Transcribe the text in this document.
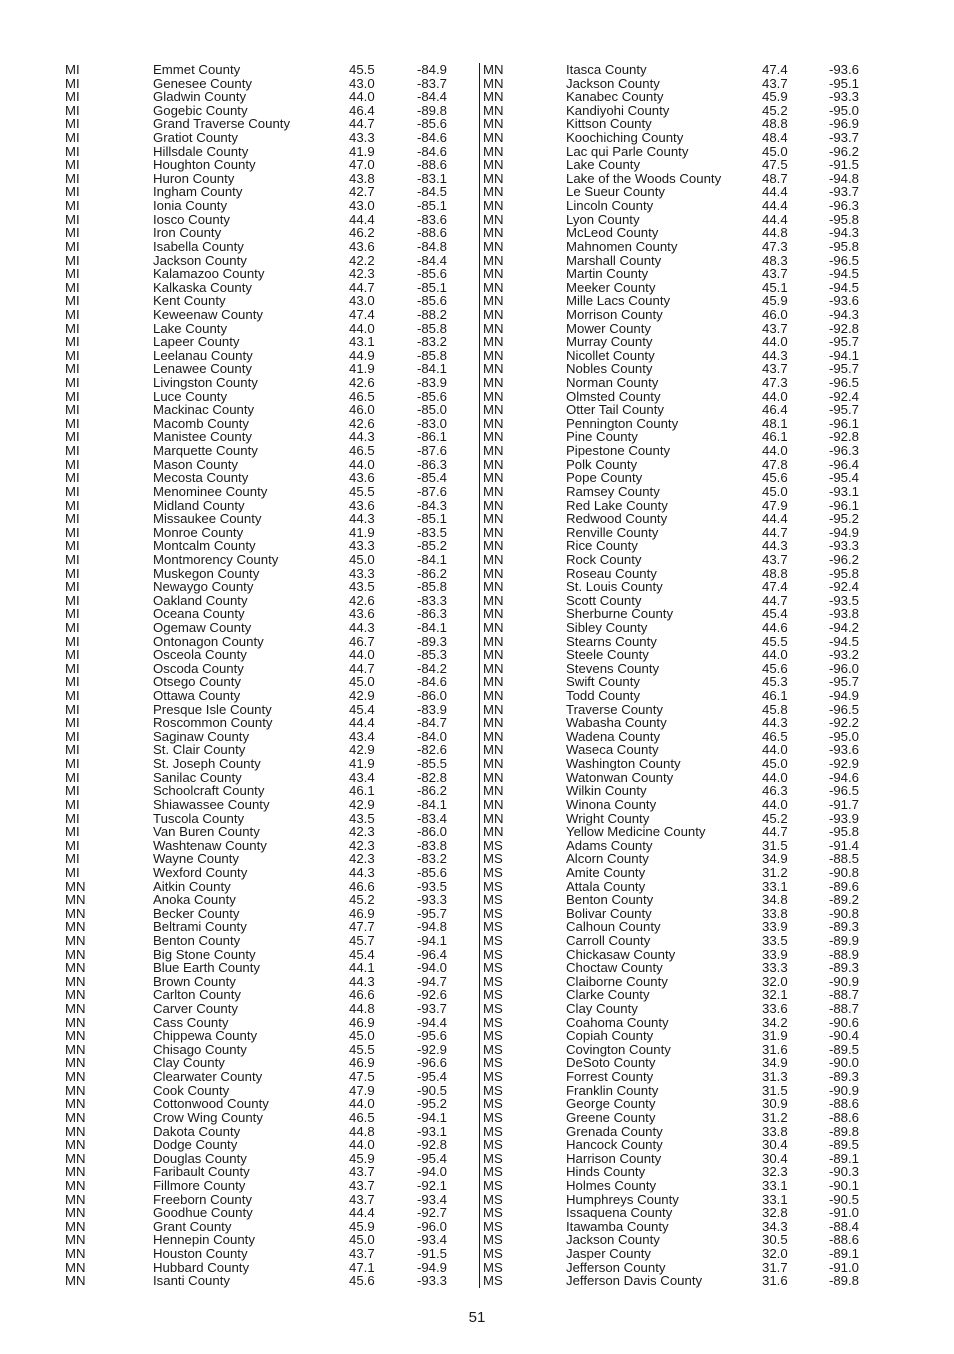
MI	Emmet County	45.5	-84.9
MI	Genesee County	43.0	-83.7
MI	Gladwin County	44.0	-84.4
MI	Gogebic County	46.4	-89.8
MI	Grand Traverse County	44.7	-85.6
MI	Gratiot County	43.3	-84.6
MI	Hillsdale County	41.9	-84.6
MI	Houghton County	47.0	-88.6
MI	Huron County	43.8	-83.1
MI	Ingham County	42.7	-84.5
MI	Ionia County	43.0	-85.1
MI	Iosco County	44.4	-83.6
MI	Iron County	46.2	-88.6
MI	Isabella County	43.6	-84.8
MI	Jackson County	42.2	-84.4
MI	Kalamazoo County	42.3	-85.6
MI	Kalkaska County	44.7	-85.1
MI	Kent County	43.0	-85.6
MI	Keweenaw County	47.4	-88.2
MI	Lake County	44.0	-85.8
MI	Lapeer County	43.1	-83.2
MI	Leelanau County	44.9	-85.8
MI	Lenawee County	41.9	-84.1
MI	Livingston County	42.6	-83.9
MI	Luce County	46.5	-85.6
MI	Mackinac County	46.0	-85.0
MI	Macomb County	42.6	-83.0
MI	Manistee County	44.3	-86.1
MI	Marquette County	46.5	-87.6
MI	Mason County	44.0	-86.3
MI	Mecosta County	43.6	-85.4
MI	Menominee County	45.5	-87.6
MI	Midland County	43.6	-84.3
MI	Missaukee County	44.3	-85.1
MI	Monroe County	41.9	-83.5
MI	Montcalm County	43.3	-85.2
MI	Montmorency County	45.0	-84.1
MI	Muskegon County	43.3	-86.2
MI	Newaygo County	43.5	-85.8
MI	Oakland County	42.6	-83.3
MI	Oceana County	43.6	-86.3
MI	Ogemaw County	44.3	-84.1
MI	Ontonagon County	46.7	-89.3
MI	Osceola County	44.0	-85.3
MI	Oscoda County	44.7	-84.2
MI	Otsego County	45.0	-84.6
MI	Ottawa County	42.9	-86.0
MI	Presque Isle County	45.4	-83.9
MI	Roscommon County	44.4	-84.7
MI	Saginaw County	43.4	-84.0
MI	St. Clair County	42.9	-82.6
MI	St. Joseph County	41.9	-85.5
MI	Sanilac County	43.4	-82.8
MI	Schoolcraft County	46.1	-86.2
MI	Shiawassee County	42.9	-84.1
MI	Tuscola County	43.5	-83.4
MI	Van Buren County	42.3	-86.0
MI	Washtenaw County	42.3	-83.8
MI	Wayne County	42.3	-83.2
MI	Wexford County	44.3	-85.6
MN	Aitkin County	46.6	-93.5
MN	Anoka County	45.2	-93.3
MN	Becker County	46.9	-95.7
MN	Beltrami County	47.7	-94.8
MN	Benton County	45.7	-94.1
MN	Big Stone County	45.4	-96.4
MN	Blue Earth County	44.1	-94.0
MN	Brown County	44.3	-94.7
MN	Carlton County	46.6	-92.6
MN	Carver County	44.8	-93.7
MN	Cass County	46.9	-94.4
MN	Chippewa County	45.0	-95.6
MN	Chisago County	45.5	-92.9
MN	Clay County	46.9	-96.6
MN	Clearwater County	47.5	-95.4
MN	Cook County	47.9	-90.5
MN	Cottonwood County	44.0	-95.2
MN	Crow Wing County	46.5	-94.1
MN	Dakota County	44.8	-93.1
MN	Dodge County	44.0	-92.8
MN	Douglas County	45.9	-95.4
MN	Faribault County	43.7	-94.0
MN	Fillmore County	43.7	-92.1
MN	Freeborn County	43.7	-93.4
MN	Goodhue County	44.4	-92.7
MN	Grant County	45.9	-96.0
MN	Hennepin County	45.0	-93.4
MN	Houston County	43.7	-91.5
MN	Hubbard County	47.1	-94.9
MN	Isanti County	45.6	-93.3
MN	Itasca County	47.4	-93.6
MN	Jackson County	43.7	-95.1
MN	Kanabec County	45.9	-93.3
MN	Kandiyohi County	45.2	-95.0
MN	Kittson County	48.8	-96.9
MN	Koochiching County	48.4	-93.7
MN	Lac qui Parle County	45.0	-96.2
MN	Lake County	47.5	-91.5
MN	Lake of the Woods County	48.7	-94.8
MN	Le Sueur County	44.4	-93.7
MN	Lincoln County	44.4	-96.3
MN	Lyon County	44.4	-95.8
MN	McLeod County	44.8	-94.3
MN	Mahnomen County	47.3	-95.8
MN	Marshall County	48.3	-96.5
MN	Martin County	43.7	-94.5
MN	Meeker County	45.1	-94.5
MN	Mille Lacs County	45.9	-93.6
MN	Morrison County	46.0	-94.3
MN	Mower County	43.7	-92.8
MN	Murray County	44.0	-95.7
MN	Nicollet County	44.3	-94.1
MN	Nobles County	43.7	-95.7
MN	Norman County	47.3	-96.5
MN	Olmsted County	44.0	-92.4
MN	Otter Tail County	46.4	-95.7
MN	Pennington County	48.1	-96.1
MN	Pine County	46.1	-92.8
MN	Pipestone County	44.0	-96.3
MN	Polk County	47.8	-96.4
MN	Pope County	45.6	-95.4
MN	Ramsey County	45.0	-93.1
MN	Red Lake County	47.9	-96.1
MN	Redwood County	44.4	-95.2
MN	Renville County	44.7	-94.9
MN	Rice County	44.3	-93.3
MN	Rock County	43.7	-96.2
MN	Roseau County	48.8	-95.8
MN	St. Louis County	47.4	-92.4
MN	Scott County	44.7	-93.5
MN	Sherburne County	45.4	-93.8
MN	Sibley County	44.6	-94.2
MN	Stearns County	45.5	-94.5
MN	Steele County	44.0	-93.2
MN	Stevens County	45.6	-96.0
MN	Swift County	45.3	-95.7
MN	Todd County	46.1	-94.9
MN	Traverse County	45.8	-96.5
MN	Wabasha County	44.3	-92.2
MN	Wadena County	46.5	-95.0
MN	Waseca County	44.0	-93.6
MN	Washington County	45.0	-92.9
MN	Watonwan County	44.0	-94.6
MN	Wilkin County	46.3	-96.5
MN	Winona County	44.0	-91.7
MN	Wright County	45.2	-93.9
MN	Yellow Medicine County	44.7	-95.8
MS	Adams County	31.5	-91.4
MS	Alcorn County	34.9	-88.5
MS	Amite County	31.2	-90.8
MS	Attala County	33.1	-89.6
MS	Benton County	34.8	-89.2
MS	Bolivar County	33.8	-90.8
MS	Calhoun County	33.9	-89.3
MS	Carroll County	33.5	-89.9
MS	Chickasaw County	33.9	-88.9
MS	Choctaw County	33.3	-89.3
MS	Claiborne County	32.0	-90.9
MS	Clarke County	32.1	-88.7
MS	Clay County	33.6	-88.7
MS	Coahoma County	34.2	-90.6
MS	Copiah County	31.9	-90.4
MS	Covington County	31.6	-89.5
MS	DeSoto County	34.9	-90.0
MS	Forrest County	31.3	-89.3
MS	Franklin County	31.5	-90.9
MS	George County	30.9	-88.6
MS	Greene County	31.2	-88.6
MS	Grenada County	33.8	-89.8
MS	Hancock County	30.4	-89.5
MS	Harrison County	30.4	-89.1
MS	Hinds County	32.3	-90.3
MS	Holmes County	33.1	-90.1
MS	Humphreys County	33.1	-90.5
MS	Issaquena County	32.8	-91.0
MS	Itawamba County	34.3	-88.4
MS	Jackson County	30.5	-88.6
MS	Jasper County	32.0	-89.1
MS	Jefferson County	31.7	-91.0
MS	Jefferson Davis County	31.6	-89.8
51
